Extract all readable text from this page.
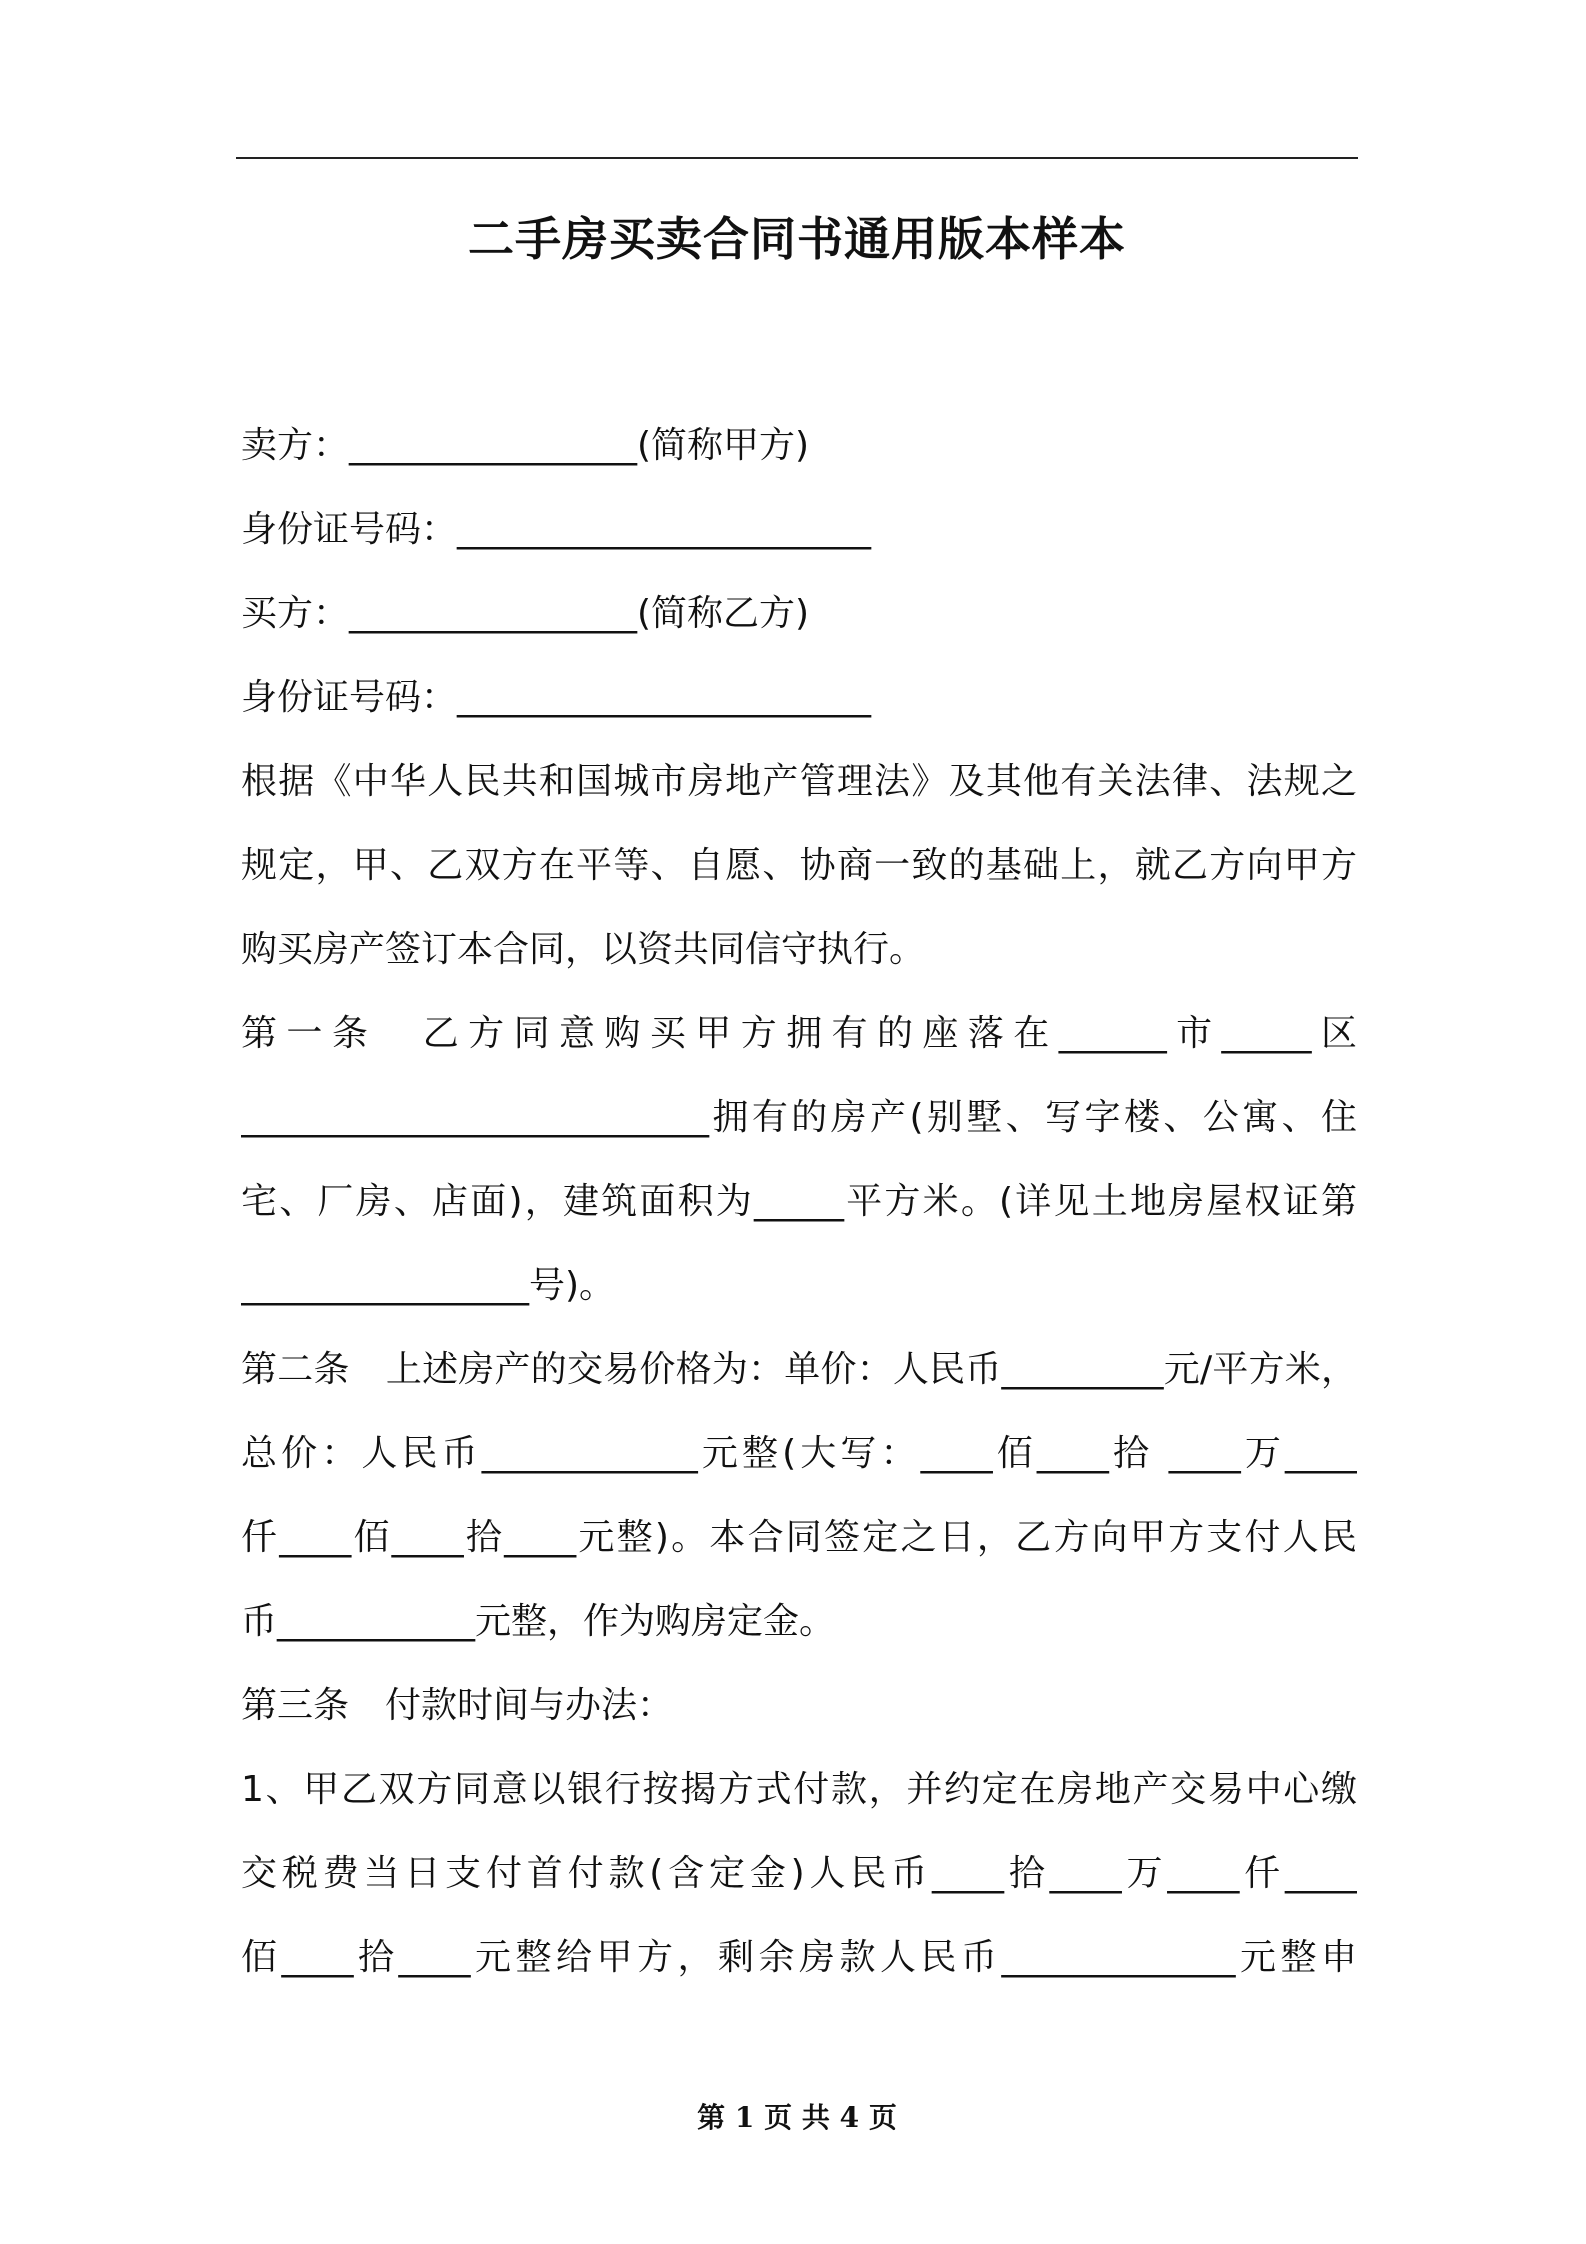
二手房买卖合同书通用版本样本
卖方：________________(简称甲方)
身份证号码：_______________________
买方：________________(简称乙方)
身份证号码：_______________________
根据《中华人民共和国城市房地产管理法》及其他有关法律、法规之
规定，甲、乙双方在平等、自愿、协商一致的基础上，就乙方向甲方
购买房产签订本合同，以资共同信守执行。
第一条　乙方同意购买甲方拥有的座落在______市_____区
__________________________拥有的房产(别墅、写字楼、公寓、住
宅、厂房、店面)，建筑面积为_____平方米。(详见土地房屋权证第
________________号)。
第二条　上述房产的交易价格为：单价：人民币_________元/平方米，
总价：人民币____________元整(大写：____佰____拾 ____万____
仟____佰____拾____元整)。本合同签定之日，乙方向甲方支付人民
币___________元整，作为购房定金。
第三条　付款时间与办法：
1、甲乙双方同意以银行按揭方式付款，并约定在房地产交易中心缴
交税费当日支付首付款(含定金)人民币____拾____万____仟____
佰____拾____元整给甲方，剩余房款人民币_____________元整申
第 1 页 共 4 页
